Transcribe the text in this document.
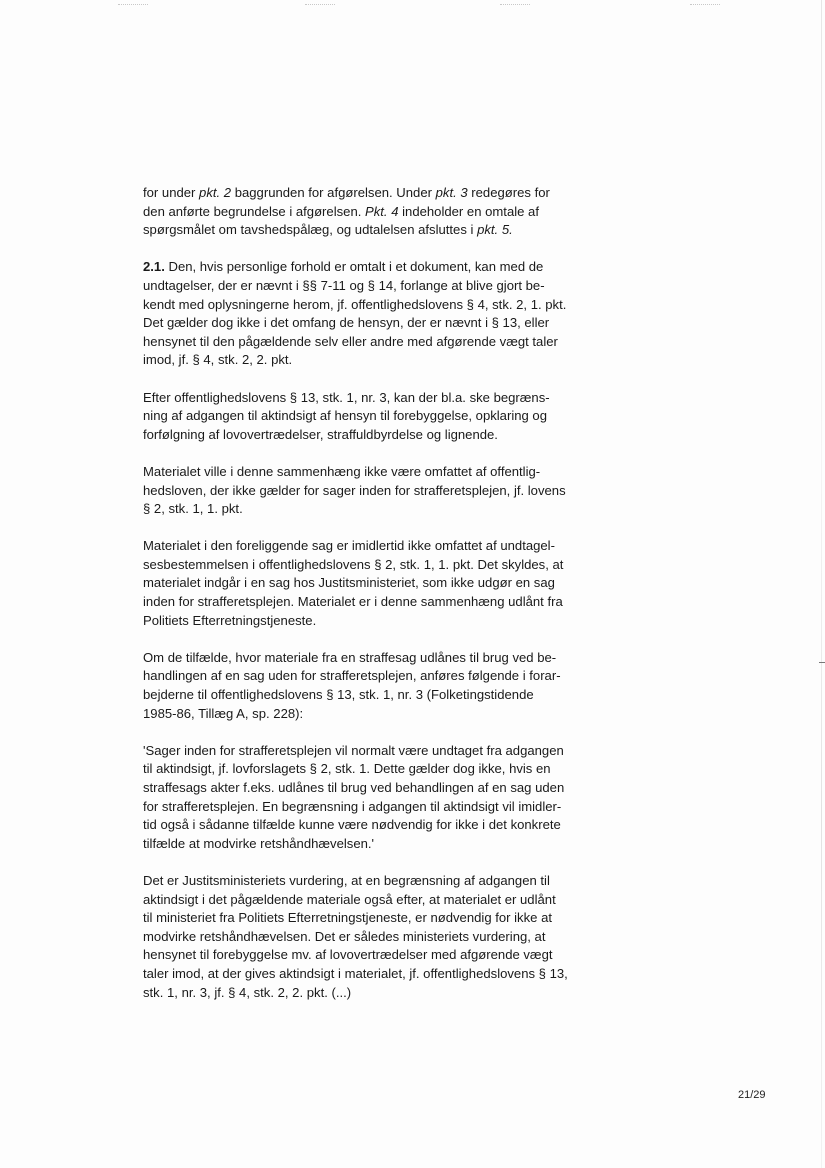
for under pkt. 2 baggrunden for afgørelsen. Under pkt. 3 redegøres for
den anførte begrundelse i afgørelsen. Pkt. 4 indeholder en omtale af
spørgsmålet om tavshedspålæg, og udtalelsen afsluttes i pkt. 5.
2.1. Den, hvis personlige forhold er omtalt i et dokument, kan med de
undtagelser, der er nævnt i §§ 7-11 og § 14, forlange at blive gjort be-
kendt med oplysningerne herom, jf. offentlighedslovens § 4, stk. 2, 1. pkt.
Det gælder dog ikke i det omfang de hensyn, der er nævnt i § 13, eller
hensynet til den pågældende selv eller andre med afgørende vægt taler
imod, jf. § 4, stk. 2, 2. pkt.
Efter offentlighedslovens § 13, stk. 1, nr. 3, kan der bl.a. ske begræns-
ning af adgangen til aktindsigt af hensyn til forebyggelse, opklaring og
forfølgning af lovovertrædelser, straffuldbyrdelse og lignende.
Materialet ville i denne sammenhæng ikke være omfattet af offentlig-
hedsloven, der ikke gælder for sager inden for strafferetsplejen, jf. lovens
§ 2, stk. 1, 1. pkt.
Materialet i den foreliggende sag er imidlertid ikke omfattet af undtagel-
sesbestemmelsen i offentlighedslovens § 2, stk. 1, 1. pkt. Det skyldes, at
materialet indgår i en sag hos Justitsministeriet, som ikke udgør en sag
inden for strafferetsplejen. Materialet er i denne sammenhæng udlånt fra
Politiets Efterretningstjeneste.
Om de tilfælde, hvor materiale fra en straffesag udlånes til brug ved be-
handlingen af en sag uden for strafferetsplejen, anføres følgende i forar-
bejderne til offentlighedslovens § 13, stk. 1, nr. 3 (Folketingstidende
1985-86, Tillæg A, sp. 228):
'Sager inden for strafferetsplejen vil normalt være undtaget fra adgangen
til aktindsigt, jf. lovforslagets § 2, stk. 1. Dette gælder dog ikke, hvis en
straffesags akter f.eks. udlånes til brug ved behandlingen af en sag uden
for strafferetsplejen. En begrænsning i adgangen til aktindsigt vil imidler-
tid også i sådanne tilfælde kunne være nødvendig for ikke i det konkrete
tilfælde at modvirke retshåndhævelsen.'
Det er Justitsministeriets vurdering, at en begrænsning af adgangen til
aktindsigt i det pågældende materiale også efter, at materialet er udlånt
til ministeriet fra Politiets Efterretningstjeneste, er nødvendig for ikke at
modvirke retshåndhævelsen. Det er således ministeriets vurdering, at
hensynet til forebyggelse mv. af lovovertrædelser med afgørende vægt
taler imod, at der gives aktindsigt i materialet, jf. offentlighedslovens § 13,
stk. 1, nr. 3, jf. § 4, stk. 2, 2. pkt. (...)
21/29
